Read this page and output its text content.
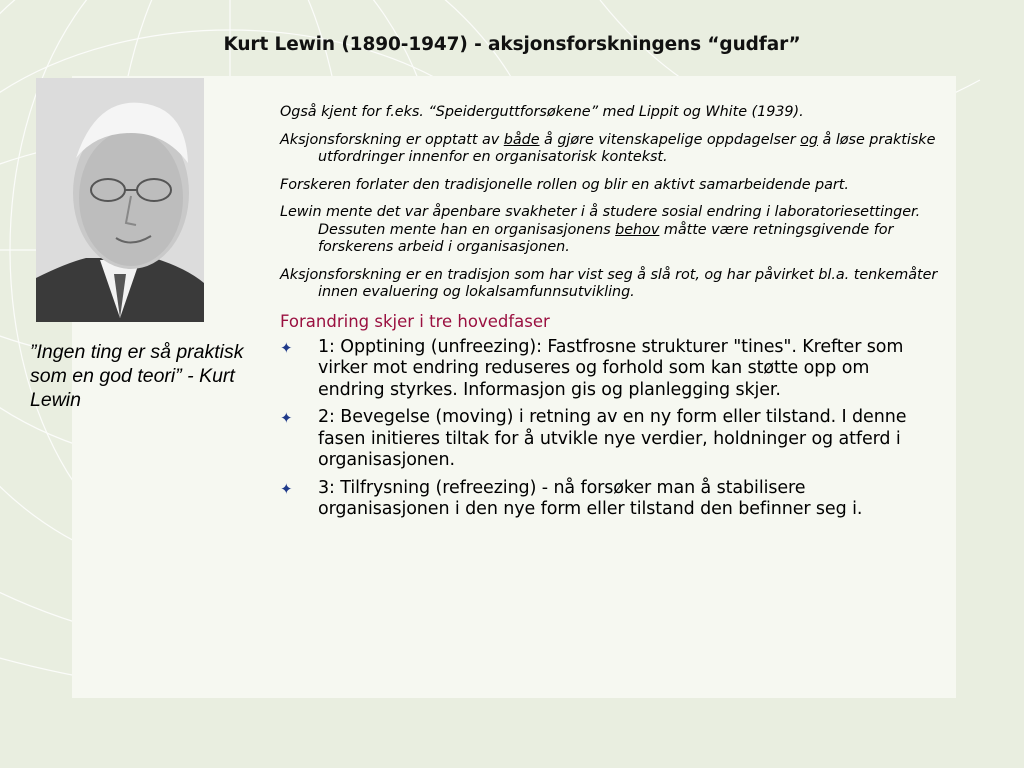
Kurt Lewin (1890-1947) - aksjonsforskningens “gudfar”
”Ingen ting er så praktisk som en god teori” - Kurt Lewin

Også kjent for f.eks. “Speiderguttforsøkene” med Lippit og White (1939).

Aksjonsforskning er opptatt av både å gjøre vitenskapelige oppdagelser og å løse praktiske utfordringer innenfor en organisatorisk kontekst.

Forskeren forlater den tradisjonelle rollen og blir en aktivt samarbeidende part.

Lewin mente det var åpenbare svakheter i å studere sosial endring i laboratoriesettinger. Dessuten mente han en organisasjonens behov måtte være retningsgivende for forskerens arbeid i organisasjonen.

Aksjonsforskning er en tradisjon som har vist seg å slå rot, og har påvirket bl.a. tenkemåter innen evaluering og lokalsamfunnsutvikling.

Forandring skjer i tre hovedfaser
✦ 1: Opptining (unfreezing): Fastfrosne strukturer "tines". Krefter som virker mot endring reduseres og forhold som kan støtte opp om endring styrkes. Informasjon gis og planlegging skjer.
✦ 2: Bevegelse (moving) i retning av en ny form eller tilstand. I denne fasen initieres tiltak for å utvikle nye verdier, holdninger og atferd i organisasjonen.
✦ 3: Tilfrysning (refreezing) - nå forsøker man å stabilisere organisasjonen i den nye form eller tilstand den befinner seg i.
